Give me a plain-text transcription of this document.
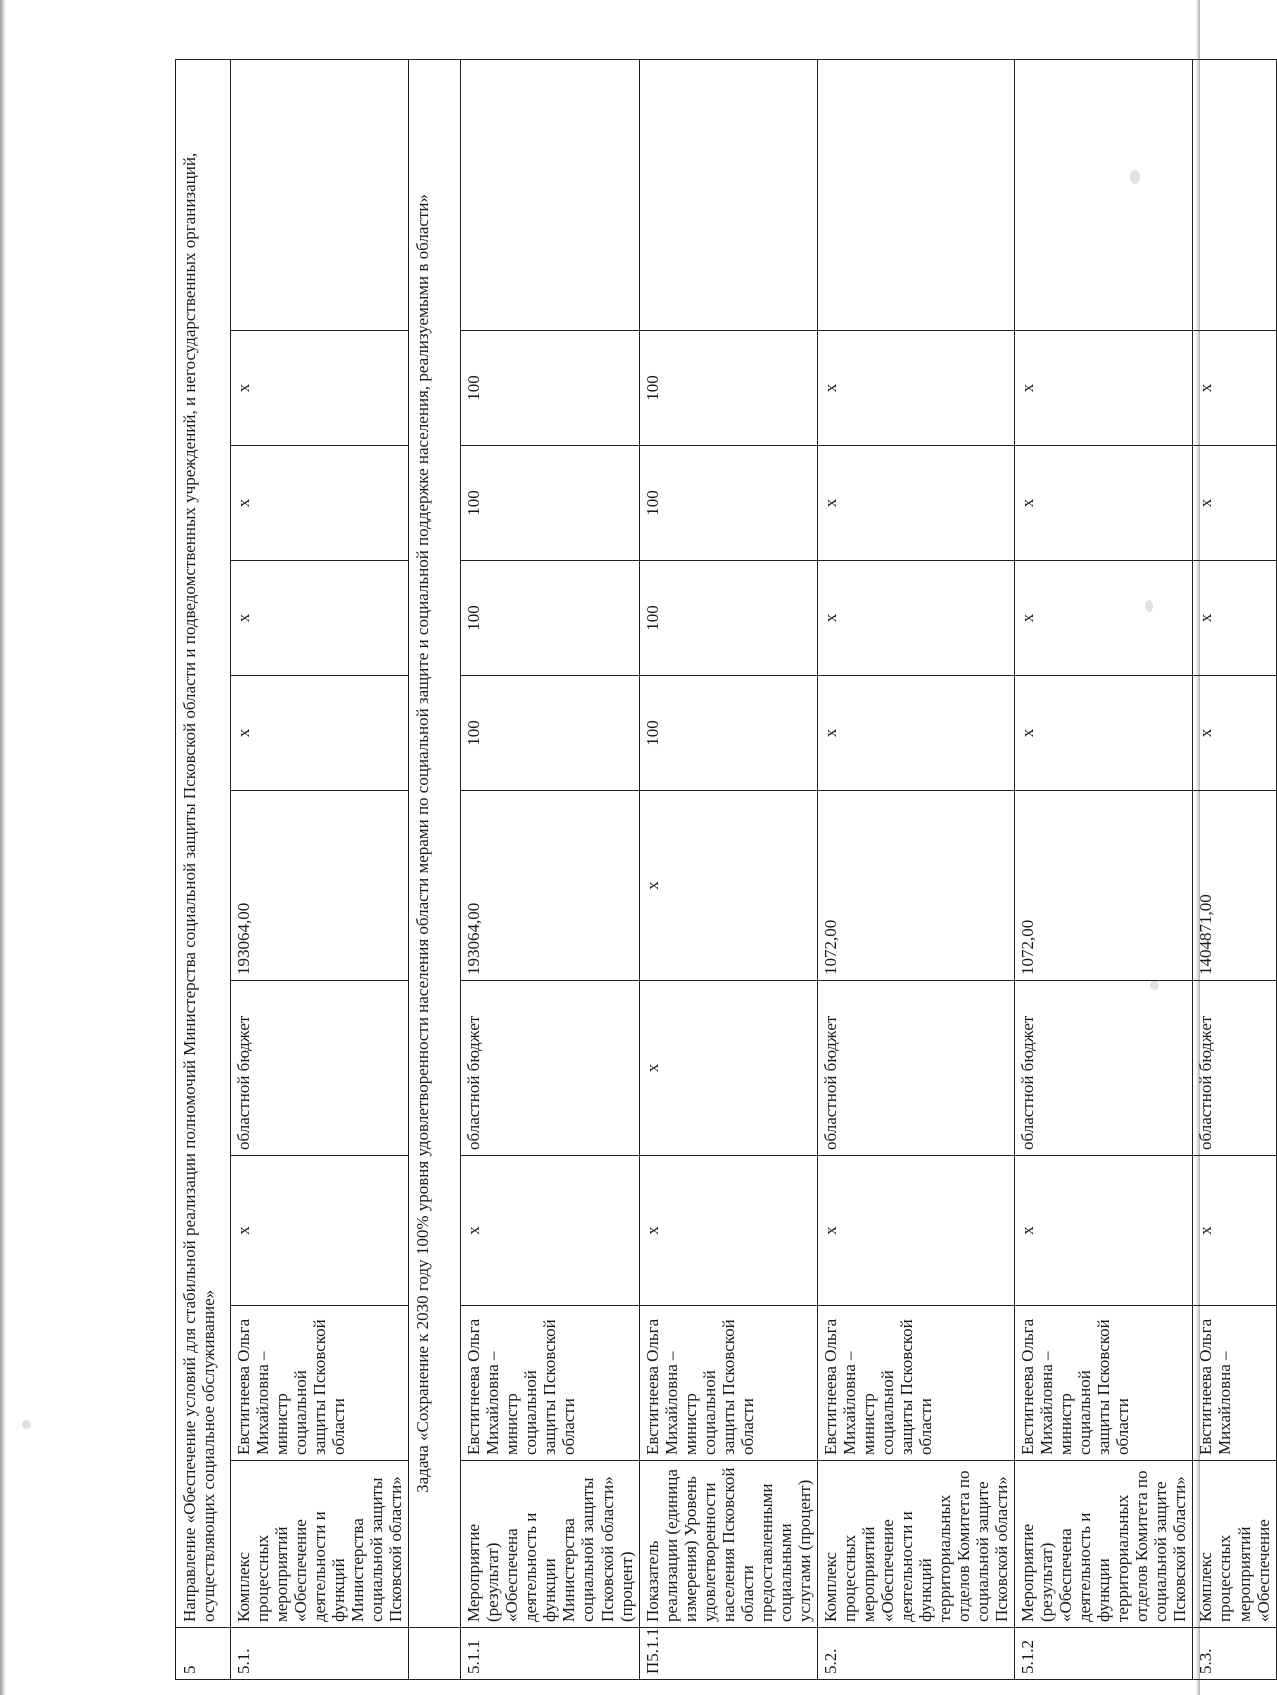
5	Направление «Обеспечение условий для стабильной реализации полномочий Министерства социальной защиты Псковской области и подведомственных учреждений, и негосударственных организаций, осуществляющих социальное обслуживание»									
5.1.	Комплекс процессных мероприятий «Обеспечение деятельности и функций Министерства социальной защиты Псковской области»	Евстигнеева Ольга Михайловна – министр социальной защиты Псковской области	x	областной бюджет	193064,00	x	x	x	x	
	Задача «Сохранение к 2030 году 100% уровня удовлетворенности населения области мерами по социальной защите и социальной поддержке населения, реализуемыми в области»									
5.1.1	Мероприятие (результат) «Обеспечена деятельность и функции Министерства социальной защиты Псковской области» (процент)	Евстигнеева Ольга Михайловна – министр социальной защиты Псковской области	x	областной бюджет	193064,00	100	100	100	100	
П5.1.1	Показатель реализации (единица измерения) Уровень удовлетворенности населения Псковской области предоставленными социальными услугами (процент)	Евстигнеева Ольга Михайловна – министр социальной защиты Псковской области	x	x	x	100	100	100	100	
5.2.	Комплекс процессных мероприятий «Обеспечение деятельности и функций территориальных отделов Комитета по социальной защите Псковской области»	Евстигнеева Ольга Михайловна – министр социальной защиты Псковской области	x	областной бюджет	1072,00	x	x	x	x	
5.1.2	Мероприятие (результат) «Обеспечена деятельность и функции территориальных отделов Комитета по социальной защите Псковской области»	Евстигнеева Ольга Михайловна – министр социальной защиты Псковской области	x	областной бюджет	1072,00	x	x	x	x	
5.3.	Комплекс процессных мероприятий «Обеспечение	Евстигнеева Ольга Михайловна –	x	областной бюджет	1404871,00	x	x	x	x	
